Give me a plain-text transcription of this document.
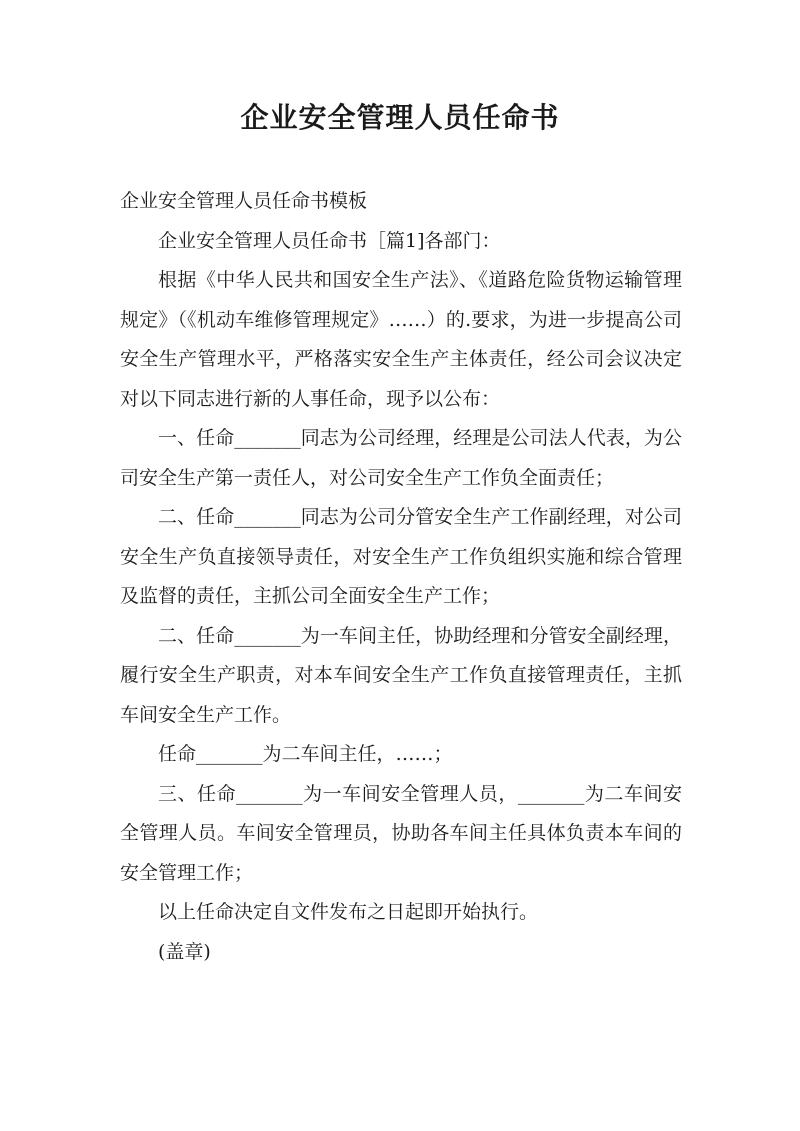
企业安全管理人员任命书

企业安全管理人员任命书模板

企业安全管理人员任命书［篇1]各部门：

根据《中华人民共和国安全生产法》、《道路危险货物运输管理规定》（《机动车维修管理规定》……）的.要求，为进一步提高公司安全生产管理水平，严格落实安全生产主体责任，经公司会议决定对以下同志进行新的人事任命，现予以公布：

一、任命_______同志为公司经理，经理是公司法人代表，为公司安全生产第一责任人，对公司安全生产工作负全面责任；

二、任命_______同志为公司分管安全生产工作副经理，对公司安全生产负直接领导责任，对安全生产工作负组织实施和综合管理及监督的责任，主抓公司全面安全生产工作；

二、任命_______为一车间主任，协助经理和分管安全副经理，履行安全生产职责，对本车间安全生产工作负直接管理责任，主抓车间安全生产工作。

任命_______为二车间主任，……；

三、任命_______为一车间安全管理人员，_______为二车间安全管理人员。车间安全管理员，协助各车间主任具体负责本车间的安全管理工作；

以上任命决定自文件发布之日起即开始执行。

(盖章)
